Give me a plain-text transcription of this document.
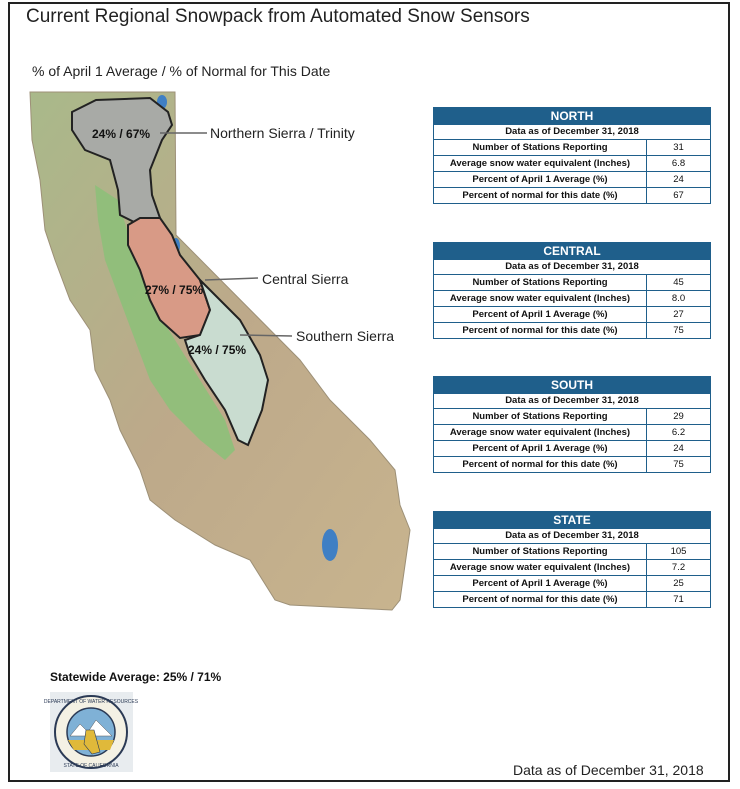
Current Regional Snowpack from Automated Snow Sensors
% of April 1 Average / % of Normal for This Date
24% / 67%	Northern Sierra / Trinity
27% / 75%
Central Sierra
24% / 75%
Southern Sierra
NORTH
Data as of December 31, 2018
Number of Stations Reporting	31
Average snow water equivalent (Inches)	6.8
Percent of April 1 Average (%)	24
Percent of normal for this date (%)	67
CENTRAL
Data as of December 31, 2018
Number of Stations Reporting	45
Average snow water equivalent (Inches)	8.0
Percent of April 1 Average (%)	27
Percent of normal for this date (%)	75
SOUTH
Data as of December 31, 2018
Number of Stations Reporting	29
Average snow water equivalent (Inches)	6.2
Percent of April 1 Average (%)	24
Percent of normal for this date (%)	75
STATE
Data as of December 31, 2018
Number of Stations Reporting	105
Average snow water equivalent (Inches)	7.2
Percent of April 1 Average (%)	25
Percent of normal for this date (%)	71
Statewide Average: 25% / 71%
DEPARTMENT OF WATER RESOURCES
STATE OF CALIFORNIA	Data as of December 31, 2018
